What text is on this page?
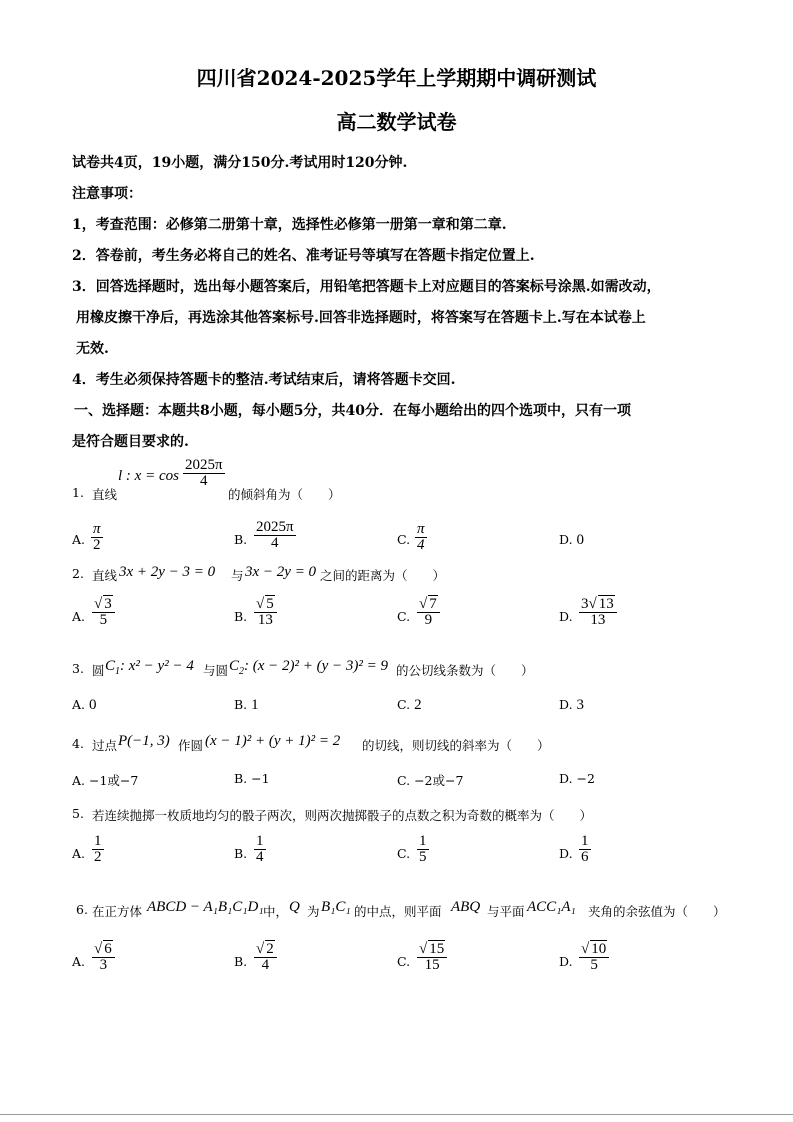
四川省2024-2025学年上学期期中调研测试
高二数学试卷
试卷共4页，19小题，满分150分.考试用时120分钟.
注意事项：
1，考查范围：必修第二册第十章，选择性必修第一册第一章和第二章.
2．答卷前，考生务必将自己的姓名、准考证号等填写在答题卡指定位置上.
3．回答选择题时，选出每小题答案后，用铅笔把答题卡上对应题目的答案标号涂黑.如需改动，
用橡皮擦干净后，再选涂其他答案标号.回答非选择题时，将答案写在答题卡上.写在本试卷上
无效.
4．考生必须保持答题卡的整洁.考试结束后，请将答题卡交回.
一、选择题：本题共8小题，每小题5分，共40分．在每小题给出的四个选项中，只有一项
是符合题目要求的.
1. 直线
l : $x = \cos \frac{2025\pi}{4}$
的倾斜角为（　　）
A. $\frac{\pi}{2}$	B. $\frac{2025\pi}{4}$	C. $\frac{\pi}{4}$	D. 0
2. 直线 3x + 2y − 3 = 0 与 3x − 2y = 0 之间的距离为（　　）
A. $\frac{√ 3}{5}$	B. $\frac{√ 5}{13}$	C. $\frac{√ 7}{9}$	D. $\frac{3√ 13}{13}$
3. 圆 $C_1$: x² − y² − 4 与圆 $C_2$: (x − 2)² + (y − 3)² = 9 的公切线条数为（　　）
A. 0	B. 1	C. 2	D. 3
4. 过点 P(−1, 3) 作圆 (x − 1)² + (y + 1)² = 2 的切线，则切线的斜率为（　　）
A. −1或−7	B. −1	C. −2或−7	D. −2
5. 若连续抛掷一枚质地均匀的骰子两次，则两次抛掷骰子的点数之积为奇数的概率为（　　）
A. $\frac{1}{2}$	B. $\frac{1}{4}$	C. $\frac{1}{5}$	D. $\frac{1}{6}$
6. 在正方体 ABCD − A₁B₁C₁D₁ 中， Q 为 B₁C₁ 的中点，则平面 ABQ 与平面 ACC₁A₁ 夹角的余弦值为（　　）
A. $\frac{√ 6}{3}$	B. $\frac{√ 2}{4}$	C. $\frac{√ 15}{15}$	D. $\frac{√ 10}{5}$
